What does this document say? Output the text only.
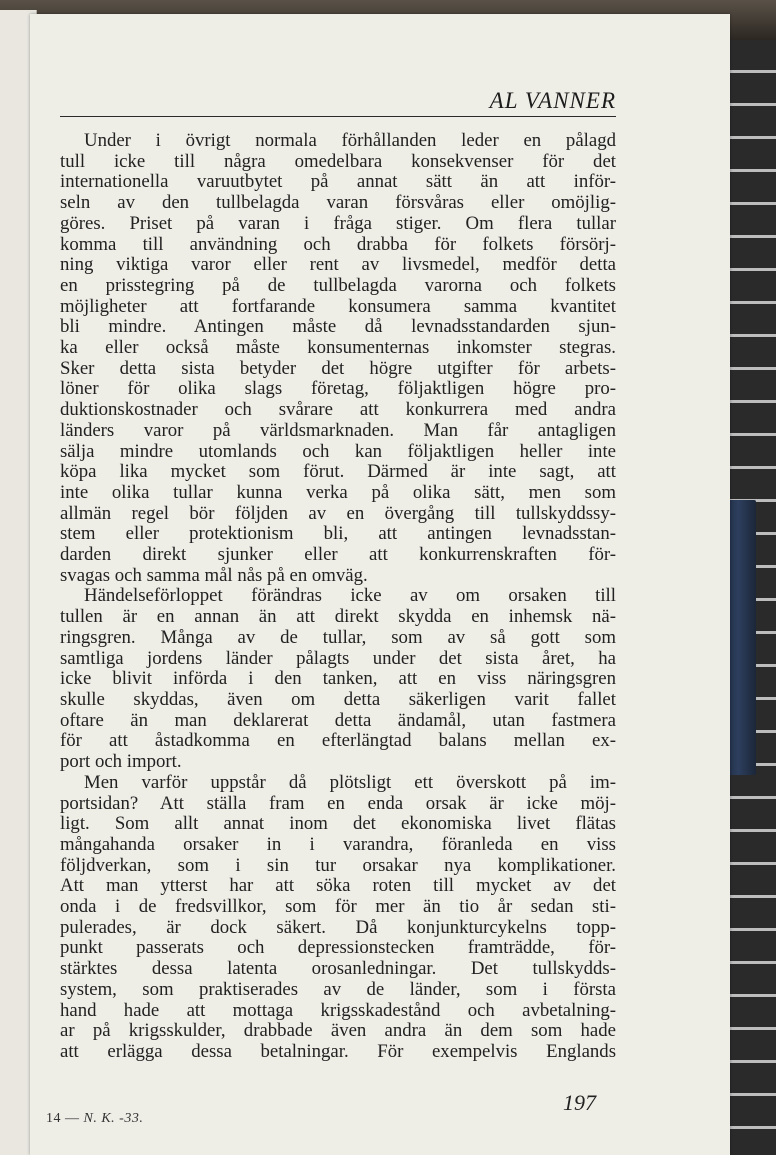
AL VANNER
Under i övrigt normala förhållanden leder en pålagd
tull icke till några omedelbara konsekvenser för det
internationella varuutbytet på annat sätt än att inför-
seln av den tullbelagda varan försvåras eller omöjlig-
göres. Priset på varan i fråga stiger. Om flera tullar
komma till användning och drabba för folkets försörj-
ning viktiga varor eller rent av livsmedel, medför detta
en prisstegring på de tullbelagda varorna och folkets
möjligheter att fortfarande konsumera samma kvantitet
bli mindre. Antingen måste då levnadsstandarden sjun-
ka eller också måste konsumenternas inkomster stegras.
Sker detta sista betyder det högre utgifter för arbets-
löner för olika slags företag, följaktligen högre pro-
duktionskostnader och svårare att konkurrera med andra
länders varor på världsmarknaden. Man får antagligen
sälja mindre utomlands och kan följaktligen heller inte
köpa lika mycket som förut. Därmed är inte sagt, att
inte olika tullar kunna verka på olika sätt, men som
allmän regel bör följden av en övergång till tullskyddssy-
stem eller protektionism bli, att antingen levnadsstan-
darden direkt sjunker eller att konkurrenskraften för-
svagas och samma mål nås på en omväg.
Händelseförloppet förändras icke av om orsaken till
tullen är en annan än att direkt skydda en inhemsk nä-
ringsgren. Många av de tullar, som av så gott som
samtliga jordens länder pålagts under det sista året, ha
icke blivit införda i den tanken, att en viss näringsgren
skulle skyddas, även om detta säkerligen varit fallet
oftare än man deklarerat detta ändamål, utan fastmera
för att åstadkomma en efterlängtad balans mellan ex-
port och import.
Men varför uppstår då plötsligt ett överskott på im-
portsidan? Att ställa fram en enda orsak är icke möj-
ligt. Som allt annat inom det ekonomiska livet flätas
mångahanda orsaker in i varandra, föranleda en viss
följdverkan, som i sin tur orsakar nya komplikationer.
Att man ytterst har att söka roten till mycket av det
onda i de fredsvillkor, som för mer än tio år sedan sti-
pulerades, är dock säkert. Då konjunkturcykelns topp-
punkt passerats och depressionstecken framträdde, för-
stärktes dessa latenta orosanledningar. Det tullskydds-
system, som praktiserades av de länder, som i första
hand hade att mottaga krigsskadestånd och avbetalning-
ar på krigsskulder, drabbade även andra än dem som hade
att erlägga dessa betalningar. För exempelvis Englands
197
14 — N. K. -33.
